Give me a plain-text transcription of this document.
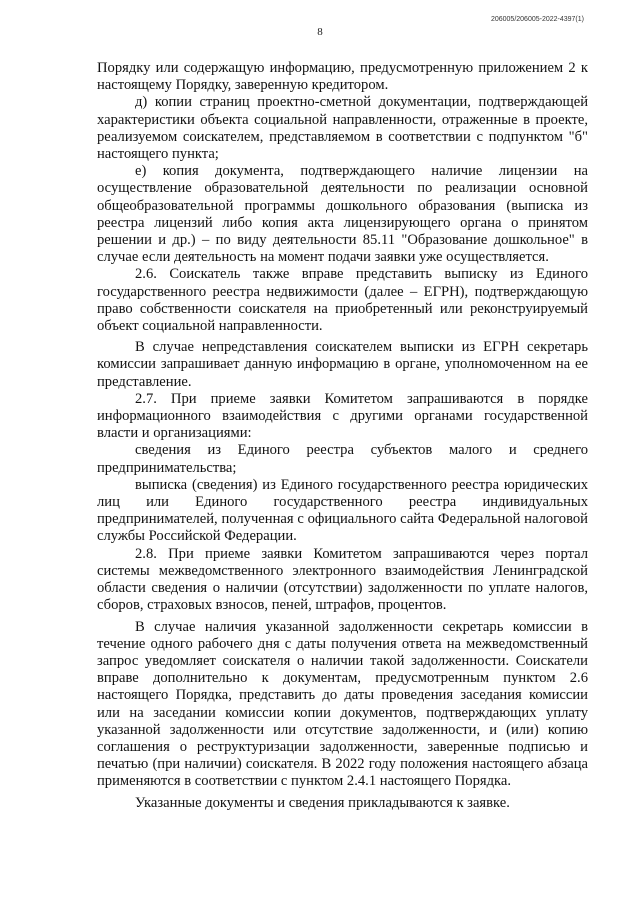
206005/206005-2022-4397(1)
8

Порядку или содержащую информацию, предусмотренную приложением 2 к настоящему Порядку, заверенную кредитором.

д) копии страниц проектно-сметной документации, подтверждающей характеристики объекта социальной направленности, отраженные в проекте, реализуемом соискателем, представляемом в соответствии с подпунктом "б" настоящего пункта;

е) копия документа, подтверждающего наличие лицензии на осуществление образовательной деятельности по реализации основной общеобразовательной программы дошкольного образования (выписка из реестра лицензий либо копия акта лицензирующего органа о принятом решении и др.) – по виду деятельности 85.11 "Образование дошкольное" в случае если деятельность на момент подачи заявки уже осуществляется.

2.6. Соискатель также вправе представить выписку из Единого государственного реестра недвижимости (далее – ЕГРН), подтверждающую право собственности соискателя на приобретенный или реконструируемый объект социальной направленности.

В случае непредставления соискателем выписки из ЕГРН секретарь комиссии запрашивает данную информацию в органе, уполномоченном на ее представление.

2.7. При приеме заявки Комитетом запрашиваются в порядке информационного взаимодействия с другими органами государственной власти и организациями:

сведения из Единого реестра субъектов малого и среднего предпринимательства;

выписка (сведения) из Единого государственного реестра юридических лиц или Единого государственного реестра индивидуальных предпринимателей, полученная с официального сайта Федеральной налоговой службы Российской Федерации.

2.8. При приеме заявки Комитетом запрашиваются через портал системы межведомственного электронного взаимодействия Ленинградской области сведения о наличии (отсутствии) задолженности по уплате налогов, сборов, страховых взносов, пеней, штрафов, процентов.

В случае наличия указанной задолженности секретарь комиссии в течение одного рабочего дня с даты получения ответа на межведомственный запрос уведомляет соискателя о наличии такой задолженности. Соискатели вправе дополнительно к документам, предусмотренным пунктом 2.6 настоящего Порядка, представить до даты проведения заседания комиссии или на заседании комиссии копии документов, подтверждающих уплату указанной задолженности или отсутствие задолженности, и (или) копию соглашения о реструктуризации задолженности, заверенные подписью и печатью (при наличии) соискателя. В 2022 году положения настоящего абзаца применяются в соответствии с пунктом 2.4.1 настоящего Порядка.

Указанные документы и сведения прикладываются к заявке.
